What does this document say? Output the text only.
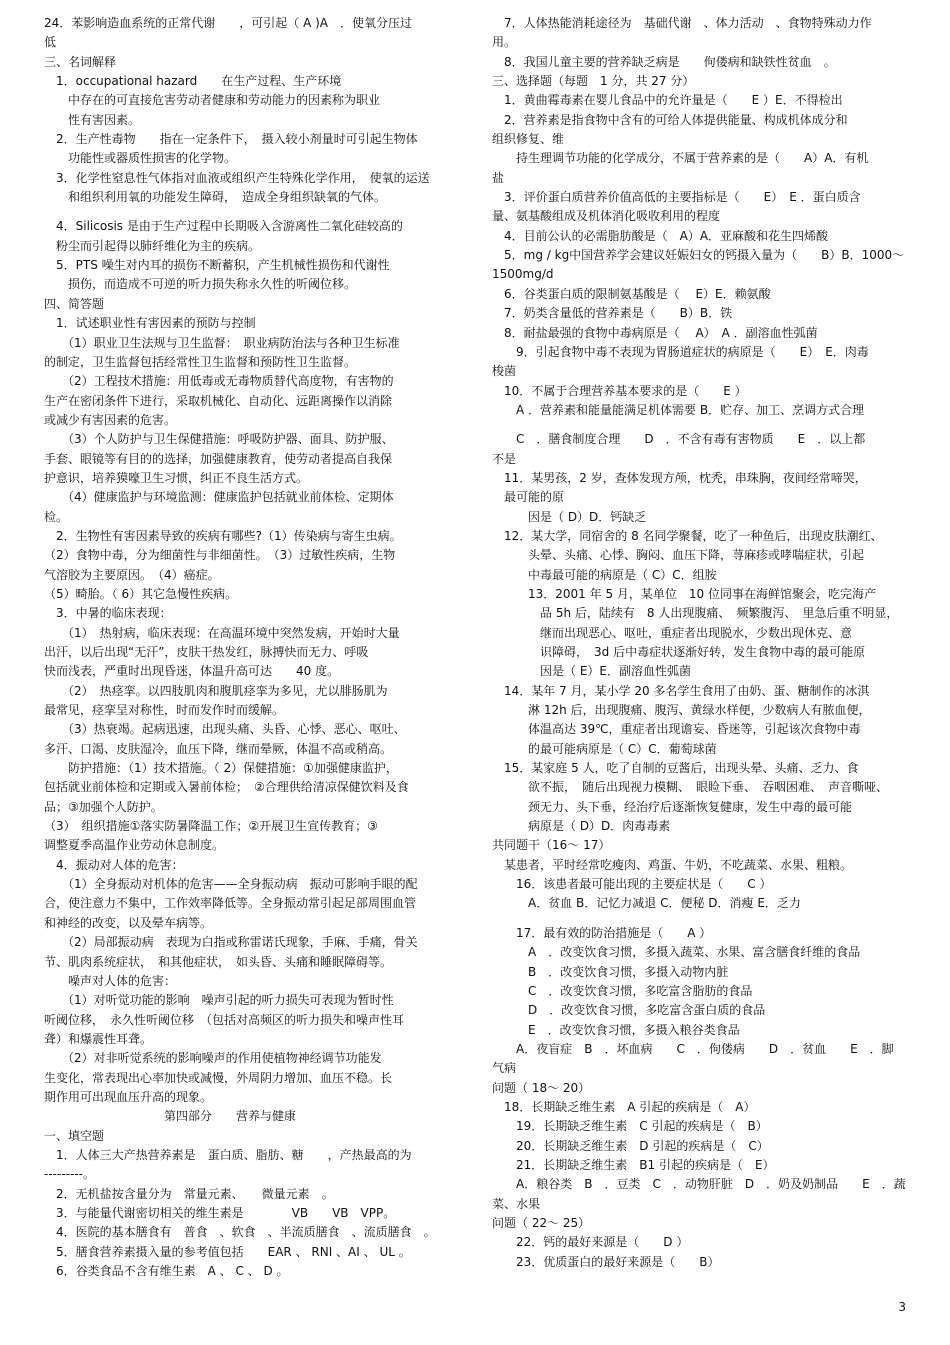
24．苯影响造血系统的正常代谢　　，可引起（ A )A　．使氧分压过
低
三、名词解释
　1．occupational hazard　　在生产过程、生产环境
　　中存在的可直接危害劳动者健康和劳动能力的因素称为职业
　　性有害因素。
　2．生产性毒物　　指在一定条件下，　摄入较小剂量时可引起生物体
　　功能性或器质性损害的化学物。
　3．化学性窒息性气体指对血液或组织产生特殊化学作用，　使氧的运送
　　和组织利用氧的功能发生障碍，　造成全身组织缺氧的气体。
　4．Silicosis 是由于生产过程中长期吸入含游离性二氧化硅较高的
　粉尘而引起得以肺纤维化为主的疾病。
　5．PTS 噪生对内耳的损伤不断蓄积，产生机械性损伤和代谢性
　　损伤，而造成不可逆的听力损失称永久性的听阈位移。
四、简答题
　1．试述职业性有害因素的预防与控制
　　（1）职业卫生法规与卫生监督：　职业病防治法与各种卫生标准
的制定，卫生监督包括经常性卫生监督和预防性卫生监督。
　　（2）工程技术措施：用低毒或无毒物质替代高度物，有害物的
生产在密闭条件下进行，采取机械化、自动化、远距离操作以消除
或减少有害因素的危害。
　　（3）个人防护与卫生保健措施：呼吸防护器、面具、防护服、
手套、眼镜等有目的的选择，加强健康教育，使劳动者提高自我保
护意识，培养獏嚎卫生习惯，纠正不良生活方式。
　　（4）健康监护与环境监测：健康监护包括就业前体检、定期体
检。
　2．生物性有害因素导致的疾病有哪些?（1）传染病与寄生虫病。
（2）食物中毒，分为细菌性与非细菌性。　（3）过敏性疾病，生物
气溶胶为主要原因。　（4）癌症。
（5）畸胎。（ 6）其它急慢性疾病。
　3．中暑的临床表现：
　　（1）　热射病，临床表现：在高温环境中突然发病，开始时大量
出汗，以后出现“无汗”，皮肤干热发红，脉搏快而无力、呼吸
快而浅表，严重时出现昏迷，体温升高可达　　40 度。
　　（2）　热痉挛。以四肢肌肉和腹肌痉挛为多见，尤以腓肠肌为
最常见，痉挛呈对称性，时而发作时而缓解。
　　（3）热衰竭。起病迅速，出现头痛、头昏、心悸、恶心、呕吐、
多汗、口渴、皮肤湿冷，血压下降，继而晕厥，体温不高或稍高。
　　防护措施：（1）技术措施。（ 2）保健措施：①加强健康监护，
包括就业前体检和定期或入暑前体检；　②合理供给清凉保健饮料及食
品；③加强个人防护。
（3）　组织措施①落实防暑降温工作；②开展卫生宣传教育；③
调整夏季高温作业劳动休息制度。
　4．振动对人体的危害：
　　（1）全身振动对机体的危害——全身振动病　振动可影响手眼的配
合，使注意力不集中，工作效率降低等。全身振动常引起足部周围血管
和神经的改变，以及晕车病等。
　　（2）局部振动病　表现为白指或称雷诺氏现象，手麻、手痛，骨关
节、肌肉系统症状，　和其他症状，　如头昏、头痛和睡眠障碍等。
　　噪声对人体的危害：
　　（1）对听觉功能的影响　噪声引起的听力损失可表现为暂时性
听阈位移，　永久性听阈位移　（包括对高频区的听力损失和噪声性耳
聋）和爆震性耳聋。
　　（2）对非听觉系统的影响噪声的作用使植物神经调节功能发
生变化，常表现出心率加快或减慢，外周阴力增加、血压不稳。长
期作用可出现血压升高的现象。
　　　　　　　　　　第四部分　　营养与健康
一、填空题
　1．人体三大产热营养素是　蛋白质、脂肪、糖　　，产热最高的为
---------。
　2．无机盐按含量分为　常量元素、　　微量元素　。
　3．与能量代谢密切相关的维生素是　　　　VB　　VB　VPP。
　4．医院的基本膳食有　普食　、软食　、半流质膳食　、流质膳食　。
　5．膳食营养素摄入量的参考值包括　　EAR 、 RNI 、AI 、 UL 。
　6．谷类食品不含有维生素　A 、 C 、 D 。
　7．人体热能消耗途径为　基础代谢　、体力活动　、食物特殊动力作
用。
　8．我国儿童主要的营养缺乏病是　　佝偻病和缺铁性贫血　。
三、选择题（每题　1 分，共 27 分）
　1．黄曲霉毒素在婴儿食品中的允许量是（　　E ）E．不得检出
　2．营养素是指食物中含有的可给人体提供能量、构成机体成分和
组织修复、维
　　持生理调节功能的化学成分，不属于营养素的是（　　A）A．有机
盐
　3．评价蛋白质营养价值高低的主要指标是（　　E）　E ．蛋白质含
量、氨基酸组成及机体消化吸收利用的程度
　4．目前公认的必需脂肪酸是（　A）A．亚麻酸和花生四烯酸
　5．mg / kg中国营养学会建议妊娠妇女的钙摄入量为（　　B）B．1000～
1500mg/d
　6．谷类蛋白质的限制氨基酸是（　 E）E．赖氨酸
　7．奶类含量低的营养素是（　　B）B．铁
　8．耐盐最强的食物中毒病原是（　 A）　A ．副溶血性弧菌
　　9．引起食物中毒不表现为胃肠道症状的病原是（　　E）　E．肉毒
梭菌
　10．不属于合理营养基本要求的是（　　E ）
　　A ．营养素和能量能满足机体需要 B．贮存、加工、烹调方式合理
　　C　．膳食制度合理　　D　．不含有毒有害物质　　E　．以上都
不是
　11．某男孩，2 岁，查体发现方颅，枕秃，串珠胸，夜间经常啼哭，
　最可能的原
　　　因是（ D）D．钙缺乏
　12．某大学，同宿舍的 8 名同学聚餐，吃了一种鱼后，出现皮肤潮红、
　　　头晕、头痛、心悸、胸闷、血压下降，荨麻疹或哮喘症状，引起
　　　中毒最可能的病原是（ C）C．组胺
　　　13．2001 年 5 月，某单位　10 位同事在海鲜馆聚会，吃完海产
　　　　品 5h 后，陆续有　8 人出现腹痛、　频繁腹泻、　里急后重不明显，
　　　　继而出现恶心、呕吐，重症者出现脱水，少数出现休克、意
　　　　识障碍，　3d 后中毒症状逐渐好转，发生食物中毒的最可能原
　　　　因是（ E）E．副溶血性弧菌
　14．某年 7 月，某小学 20 多名学生食用了由奶、蛋、糖制作的冰淇
　　　淋 12h 后，出现腹痛、腹泻、黄绿水样便，少数病人有脓血便，
　　　体温高达 39℃，重症者出现谵妄、昏迷等，引起该次食物中毒
　　　的最可能病原是（ C）C．葡萄球菌
　15．某家庭 5 人，吃了自制的豆酱后，出现头晕、头痛、乏力、食
　　　欲不振，　随后出现视力模糊、　眼睑下垂、　吞咽困难、　声音嘶哑、
　　　颈无力、头下垂，经治疗后逐渐恢复健康，发生中毒的最可能
　　　病原是（ D）D．肉毒毒素
共同题干（16～ 17）
　某患者，平时经常吃瘦肉、鸡蛋、牛奶，不吃蔬菜、水果、粗粮。
　　16．该患者最可能出现的主要症状是（　　C ）
　　　A．贫血 B．记忆力减退 C．便秘 D．消瘦 E．乏力
　　17．最有效的防治措施是（　　A ）
　　　A　．改变饮食习惯，多摄入蔬菜、水果、富含膳食纤维的食品
　　　B　．改变饮食习惯，多摄入动物内脏
　　　C　．改变饮食习惯，多吃富含脂肪的食品
　　　D　．改变饮食习惯，多吃富含蛋白质的食品
　　　E　．改变饮食习惯，多摄入粮谷类食品
　　A．夜盲症　B　．坏血病　　C　．佝偻病　　D　．贫血　　E　．脚
气病
问题（ 18～ 20）
　18．长期缺乏维生素　A 引起的疾病是（　A）
　　19．长期缺乏维生素　C 引起的疾病是（　B）
　　20．长期缺乏维生素　D 引起的疾病是（　C）
　　21．长期缺乏维生素　B1 引起的疾病是（　E）
　　A．粮谷类　B　．豆类　C　．动物肝脏　D　．奶及奶制品　　E　．蔬
菜、水果
问题（ 22～ 25）
　　22．钙的最好来源是（　　D ）
　　23．优质蛋白的最好来源是（　　B）
3
